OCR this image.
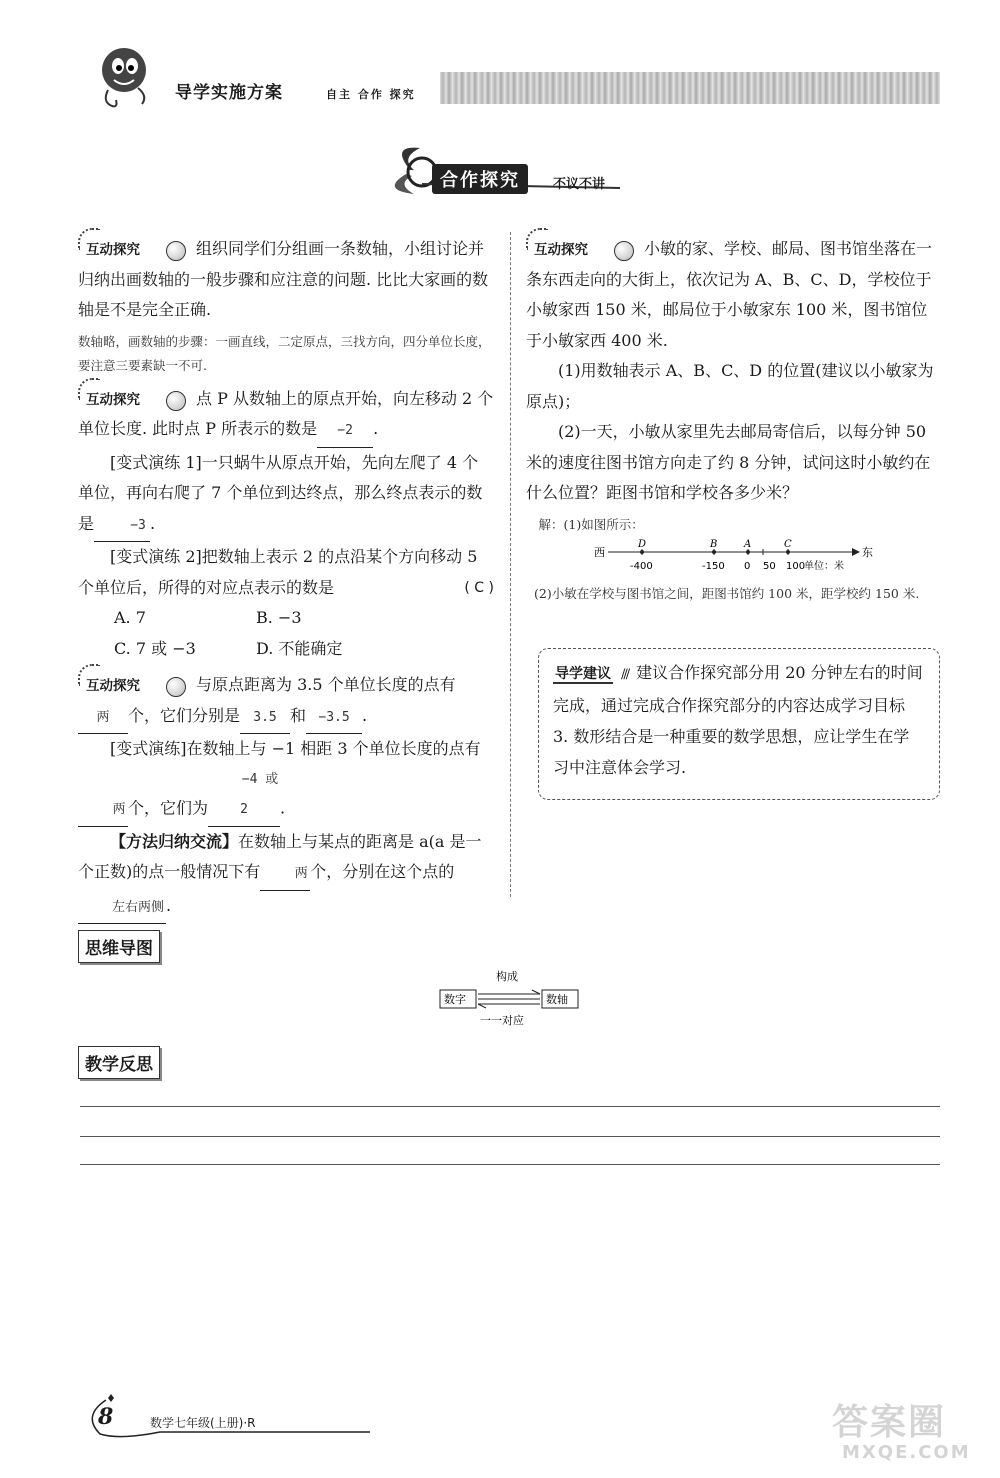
导学实施方案	自主 合作 探究
合作探究	不议不讲

互动探究	组织同学们分组画一条数轴，小组讨论并归纳出画数轴的一般步骤和应注意的问题. 比比大家画的数轴是不是完全正确.

数轴略，画数轴的步骤：一画直线，二定原点，三找方向，四分单位长度，要注意三要素缺一不可.

互动探究	点 P 从数轴上的原点开始，向左移动 2 个单位长度. 此时点 P 所表示的数是 −2 .

[变式演练 1]一只蜗牛从原点开始，先向左爬了 4 个单位，再向右爬了 7 个单位到达终点，那么终点表示的数是	−3 .

[变式演练 2]把数轴上表示 2 的点沿某个方向移动 5 个单位后，所得的对应点表示的数是	( C )

A. 7	B. −3

C. 7 或 −3	D. 不能确定

互动探究	与原点距离为 3.5 个单位长度的点有两 个，它们分别是 3.5 和 −3.5 .

[变式演练]在数轴上与 −1 相距 3 个单位长度的点有两 个，它们为−4 或 2 .

【方法归纳交流】在数轴上与某点的距离是 a(a 是一个正数)的点一般情况下有	两 个，分别在这个点的左右两侧 .

互动探究	小敏的家、学校、邮局、图书馆坐落在一条东西走向的大街上，依次记为 A、B、C、D，学校位于小敏家西 150 米，邮局位于小敏家东 100 米，图书馆位于小敏家西 400 米.

(1)用数轴表示 A、B、C、D 的位置(建议以小敏家为原点)；

(2)一天，小敏从家里先去邮局寄信后，以每分钟 50 米的速度往图书馆方向走了约 8 分钟，试问这时小敏约在什么位置？距图书馆和学校各多少米？

解：(1)如图所示：

西	东
D	B	A	C
-400	-150 0 50 100
单位：米
(2)小敏在学校与图书馆之间，距图书馆约 100 米，距学校约 150 米.
导学建议 /// 建议合作探究部分用 20 分钟左右的时间完成，通过完成合作探究部分的内容达成学习目标 3. 数形结合是一种重要的数学思想，应让学生在学习中注意体会学习.
思维导图
构成
数字	数轴
一一对应
教学反思
8	数学七年级(上册)·R	答案圈
MXQE.COM
